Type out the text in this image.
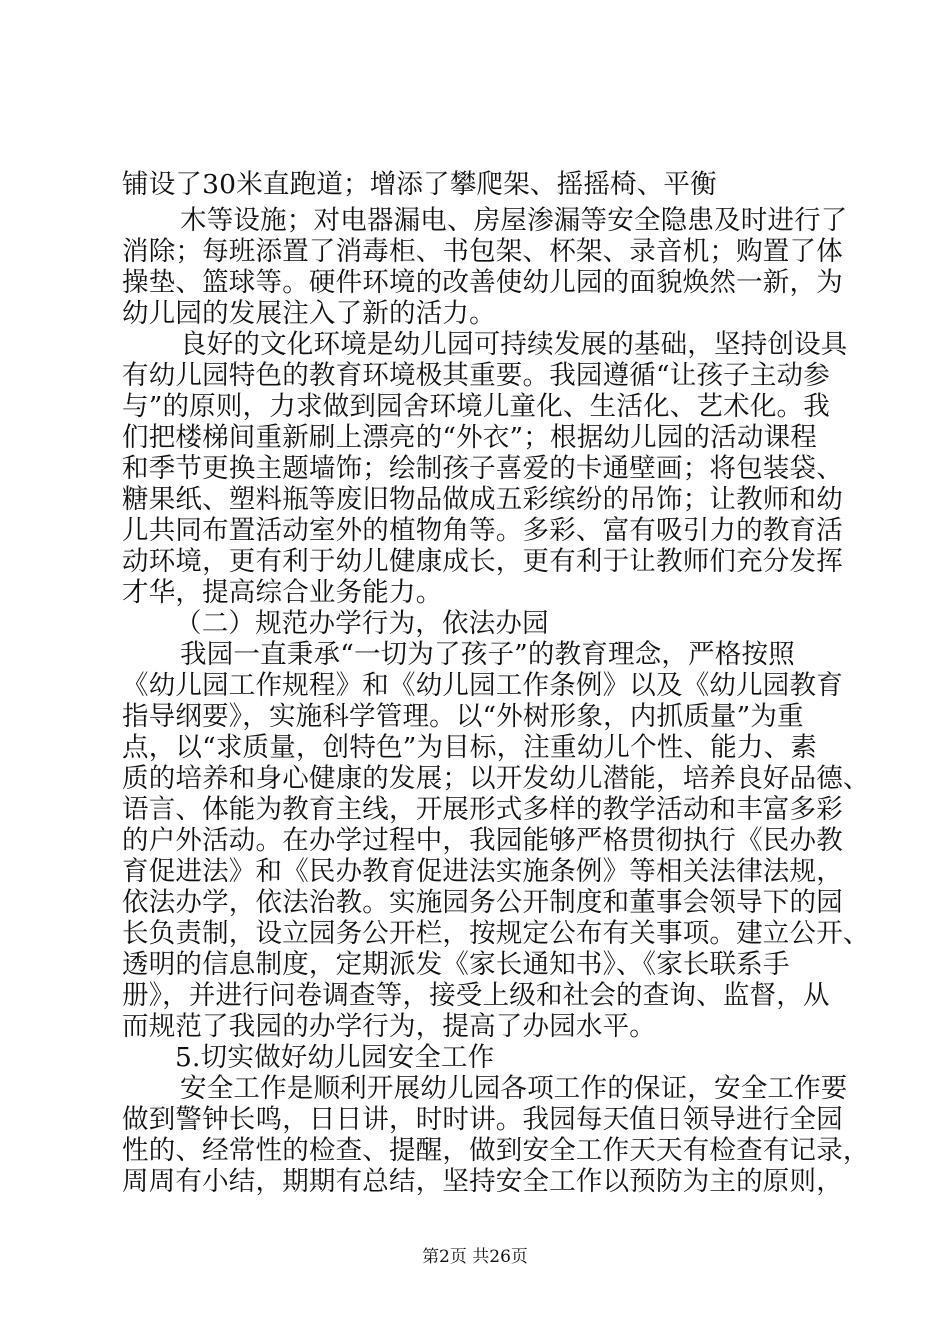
铺设了30米直跑道；增添了攀爬架、摇摇椅、平衡
木等设施；对电器漏电、房屋渗漏等安全隐患及时进行了
消除；每班添置了消毒柜、书包架、杯架、录音机；购置了体
操垫、篮球等。硬件环境的改善使幼儿园的面貌焕然一新，为
幼儿园的发展注入了新的活力。
良好的文化环境是幼儿园可持续发展的基础，坚持创设具
有幼儿园特色的教育环境极其重要。我园遵循“让孩子主动参
与”的原则，力求做到园舍环境儿童化、生活化、艺术化。我
们把楼梯间重新刷上漂亮的“外衣”；根据幼儿园的活动课程
和季节更换主题墙饰；绘制孩子喜爱的卡通壁画；将包装袋、
糖果纸、塑料瓶等废旧物品做成五彩缤纷的吊饰；让教师和幼
儿共同布置活动室外的植物角等。多彩、富有吸引力的教育活
动环境，更有利于幼儿健康成长，更有利于让教师们充分发挥
才华，提高综合业务能力。
（二）规范办学行为，依法办园
我园一直秉承“一切为了孩子”的教育理念，严格按照
《幼儿园工作规程》和《幼儿园工作条例》以及《幼儿园教育
指导纲要》，实施科学管理。以“外树形象，内抓质量”为重
点，以“求质量，创特色”为目标，注重幼儿个性、能力、素
质的培养和身心健康的发展；以开发幼儿潜能，培养良好品德、
语言、体能为教育主线，开展形式多样的教学活动和丰富多彩
的户外活动。在办学过程中，我园能够严格贯彻执行《民办教
育促进法》和《民办教育促进法实施条例》等相关法律法规，
依法办学，依法治教。实施园务公开制度和董事会领导下的园
长负责制，设立园务公开栏，按规定公布有关事项。建立公开、
透明的信息制度，定期派发《家长通知书》、《家长联系手
册》，并进行问卷调查等，接受上级和社会的查询、监督，从
而规范了我园的办学行为，提高了办园水平。
5.切实做好幼儿园安全工作
安全工作是顺利开展幼儿园各项工作的保证，安全工作要
做到警钟长鸣，日日讲，时时讲。我园每天值日领导进行全园
性的、经常性的检查、提醒，做到安全工作天天有检查有记录，
周周有小结，期期有总结，坚持安全工作以预防为主的原则，
第2页 共26页
